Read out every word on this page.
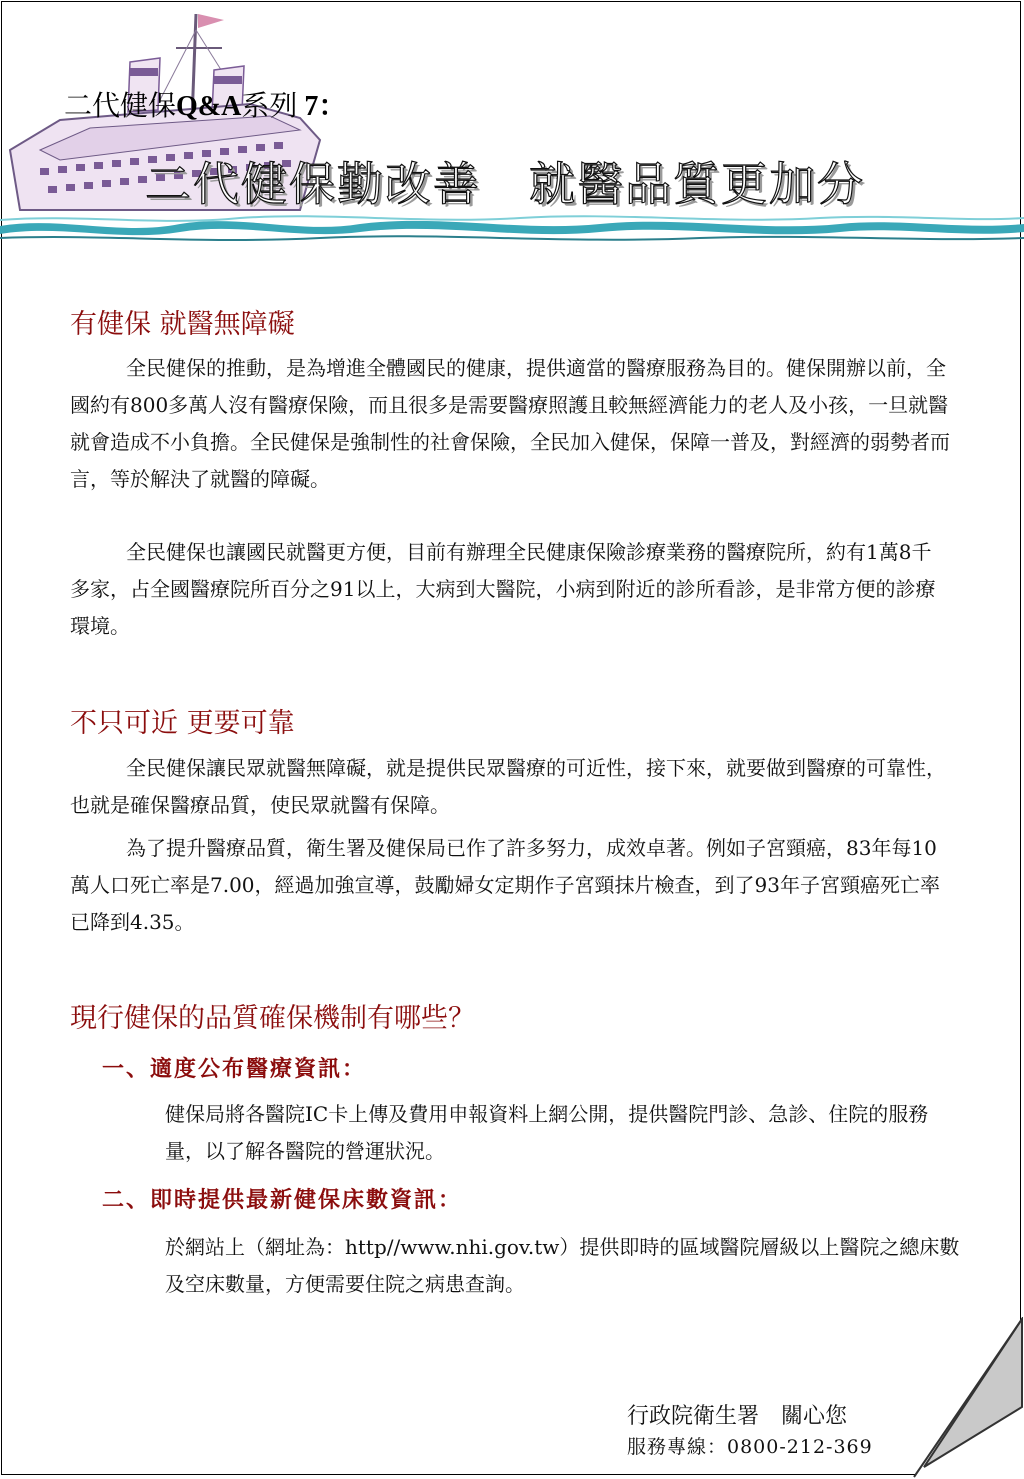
二代健保Q&A系列 7：
二代健保勤改善　就醫品質更加分
有健保 就醫無障礙
全民健保的推動，是為增進全體國民的健康，提供適當的醫療服務為目的。健保開辦以前，全國約有800多萬人沒有醫療保險，而且很多是需要醫療照護且較無經濟能力的老人及小孩，一旦就醫就會造成不小負擔。全民健保是強制性的社會保險，全民加入健保，保障一普及，對經濟的弱勢者而言，等於解決了就醫的障礙。
全民健保也讓國民就醫更方便，目前有辦理全民健康保險診療業務的醫療院所，約有1萬8千多家，占全國醫療院所百分之91以上，大病到大醫院，小病到附近的診所看診，是非常方便的診療環境。
不只可近 更要可靠
全民健保讓民眾就醫無障礙，就是提供民眾醫療的可近性，接下來，就要做到醫療的可靠性，也就是確保醫療品質，使民眾就醫有保障。
為了提升醫療品質，衛生署及健保局已作了許多努力，成效卓著。例如子宮頸癌，83年每10萬人口死亡率是7.00，經過加強宣導，鼓勵婦女定期作子宮頸抹片檢查，到了93年子宮頸癌死亡率已降到4.35。
現行健保的品質確保機制有哪些？
一、適度公布醫療資訊：
健保局將各醫院IC卡上傳及費用申報資料上網公開，提供醫院門診、急診、住院的服務量，以了解各醫院的營運狀況。
二、即時提供最新健保床數資訊：
於網站上（網址為：http//www.nhi.gov.tw）提供即時的區域醫院層級以上醫院之總床數及空床數量，方便需要住院之病患查詢。
行政院衛生署　關心您
服務專線：0800-212-369
